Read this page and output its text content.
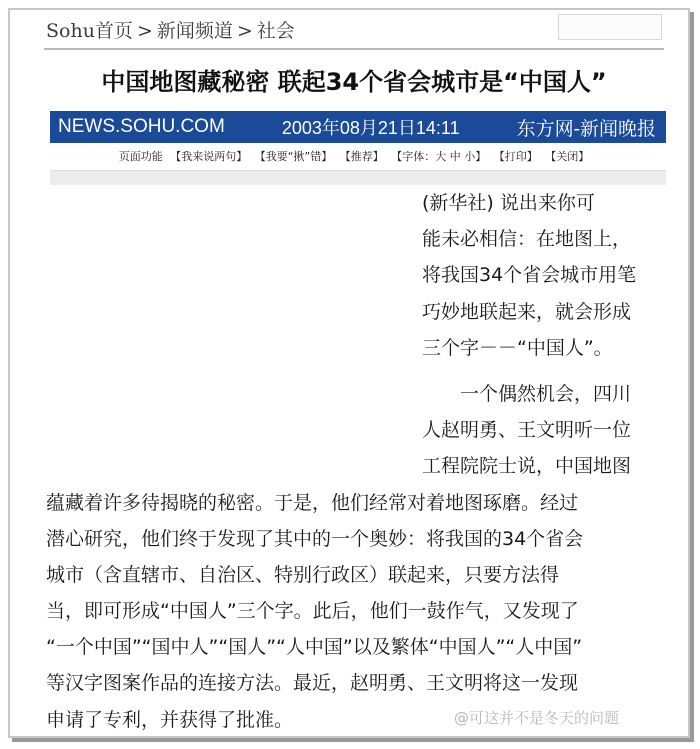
Sohu首页 > 新闻频道 > 社会
中国地图藏秘密 联起34个省会城市是“中国人”
NEWS.SOHU.COM	2003年08月21日14:11	东方网-新闻晚报
页面功能 【我来说两句】 【我要“揪”错】 【推荐】 【字体：大 中 小】 【打印】 【关闭】
(新华社) 说出来你可
能未必相信：在地图上，
将我国34个省会城市用笔
巧妙地联起来，就会形成
三个字－－“中国人”。
一个偶然机会，四川
人赵明勇、王文明听一位
工程院院士说，中国地图
蕴藏着许多待揭晓的秘密。于是，他们经常对着地图琢磨。经过
潜心研究，他们终于发现了其中的一个奥妙：将我国的34个省会
城市（含直辖市、自治区、特别行政区）联起来，只要方法得
当，即可形成“中国人”三个字。此后，他们一鼓作气，又发现了
“一个中国”“国中人”“国人”“人中国”以及繁体“中国人”“人中国”
等汉字图案作品的连接方法。最近，赵明勇、王文明将这一发现
申请了专利，并获得了批准。	@可这并不是冬天的问题
